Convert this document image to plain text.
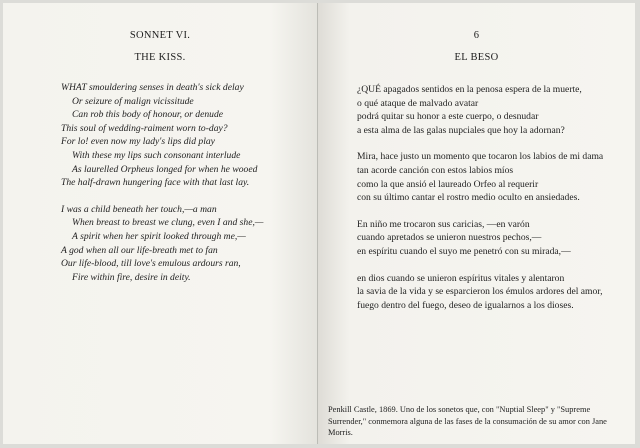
SONNET VI.
THE KISS.
WHAT smouldering senses in death's sick delay
Or seizure of malign vicissitude
Can rob this body of honour, or denude
This soul of wedding-raiment worn to-day?
For lo! even now my lady's lips did play
With these my lips such consonant interlude
As laurelled Orpheus longed for when he wooed
The half-drawn hungering face with that last lay.
I was a child beneath her touch,—a man
When breast to breast we clung, even I and she,—
A spirit when her spirit looked through me,—
A god when all our life-breath met to fan
Our life-blood, till love's emulous ardours ran,
Fire within fire, desire in deity.
6
EL BESO
¿QUÉ apagados sentidos en la penosa espera de la muerte,
o qué ataque de malvado avatar
podrá quitar su honor a este cuerpo, o desnudar
a esta alma de las galas nupciales que hoy la adornan?
Mira, hace justo un momento que tocaron los labios de mi dama
tan acorde canción con estos labios míos
como la que ansió el laureado Orfeo al requerir
con su último cantar el rostro medio oculto en ansiedades.
En niño me trocaron sus caricias, —en varón
cuando apretados se unieron nuestros pechos,—
en espíritu cuando el suyo me penetró con su mirada,—
en dios cuando se unieron espíritus vitales y alentaron
la savia de la vida y se esparcieron los émulos ardores del amor,
fuego dentro del fuego, deseo de igualarnos a los dioses.
Penkill Castle, 1869. Uno de los sonetos que, con "Nuptial Sleep" y "Supreme Surrender," conmemora alguna de las fases de la consumación de su amor con Jane Morris.
